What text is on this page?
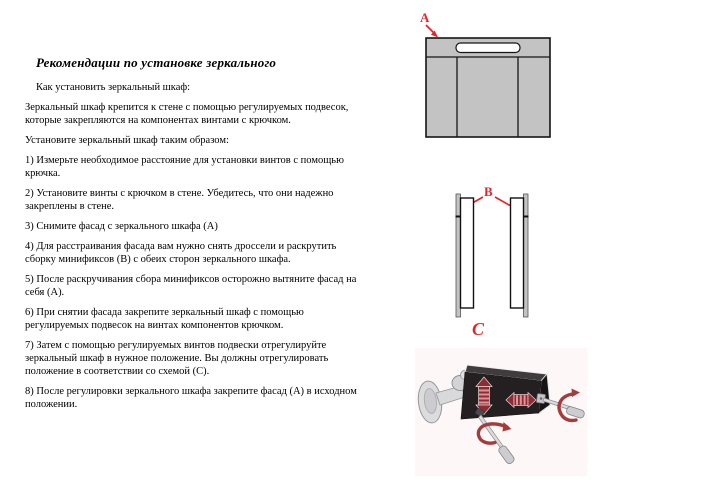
Рекомендации по установке зеркального

Как установить зеркальный шкаф:

Зеркальный шкаф крепится к стене с помощью регулируемых подвесок, которые закрепляются на компонентах винтами с крючком.

Установите зеркальный шкаф таким образом:

1) Измерьте необходимое расстояние для установки винтов с помощью крючка.

2) Установите винты с крючком в стене. Убедитесь, что они надежно закреплены в стене.

3) Снимите фасад с зеркального шкафа (А)

4) Для расстраивания фасада вам нужно снять дроссели и раскрутить сборку минификсов (В) с обеих сторон зеркального шкафа.

5) После раскручивания сбора минификсов осторожно вытяните фасад на себя (А).

6) При снятии фасада закрепите зеркальный шкаф с помощью регулируемых подвесок на винтах компонентов крючком.

7) Затем с помощью регулируемых винтов подвески отрегулируйте зеркальный шкаф в нужное положение. Вы должны отрегулировать положение в соответствии со схемой (С).

8) После регулировки зеркального шкафа закрепите фасад (А) в исходном положении.

A
B
C
